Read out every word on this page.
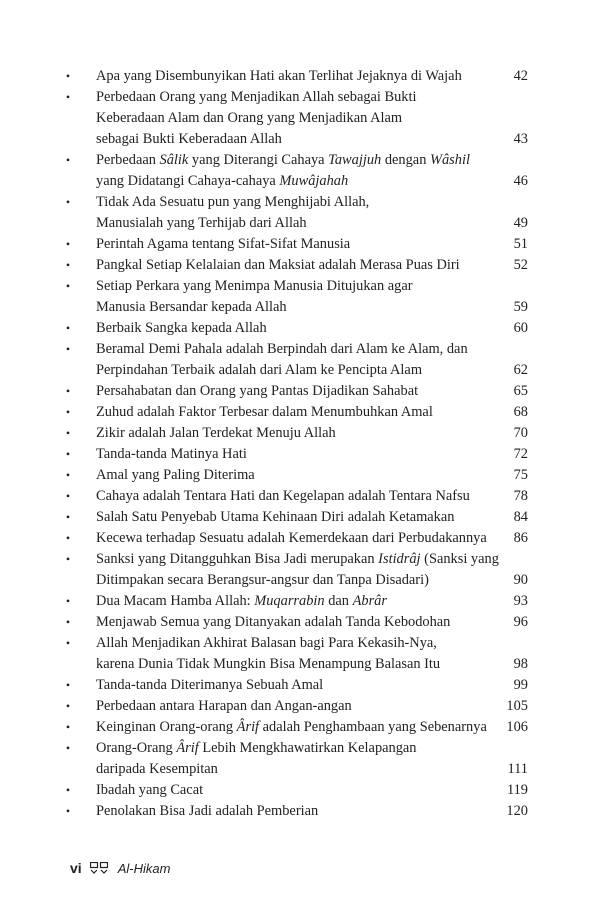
• Apa yang Disembunyikan Hati akan Terlihat Jejaknya di Wajah	42
• Perbedaan Orang yang Menjadikan Allah sebagai Bukti
Keberadaan Alam dan Orang yang Menjadikan Alam
sebagai Bukti Keberadaan Allah	43
• Perbedaan Sâlik yang Diterangi Cahaya Tawajjuh dengan Wâshil
yang Didatangi Cahaya-cahaya Muwâjahah	46
• Tidak Ada Sesuatu pun yang Menghijabi Allah,
Manusialah yang Terhijab dari Allah	49
• Perintah Agama tentang Sifat-Sifat Manusia	51
• Pangkal Setiap Kelalaian dan Maksiat adalah Merasa Puas Diri	52
• Setiap Perkara yang Menimpa Manusia Ditujukan agar
Manusia Bersandar kepada Allah	59
• Berbaik Sangka kepada Allah	60
• Beramal Demi Pahala adalah Berpindah dari Alam ke Alam, dan
Perpindahan Terbaik adalah dari Alam ke Pencipta Alam	62
• Persahabatan dan Orang yang Pantas Dijadikan Sahabat	65
• Zuhud adalah Faktor Terbesar dalam Menumbuhkan Amal	68
• Zikir adalah Jalan Terdekat Menuju Allah	70
• Tanda-tanda Matinya Hati	72
• Amal yang Paling Diterima	75
• Cahaya adalah Tentara Hati dan Kegelapan adalah Tentara Nafsu	78
• Salah Satu Penyebab Utama Kehinaan Diri adalah Ketamakan	84
• Kecewa terhadap Sesuatu adalah Kemerdekaan dari Perbudakannya 86
• Sanksi yang Ditangguhkan Bisa Jadi merupakan Istidrâj (Sanksi yang
Ditimpakan secara Berangsur-angsur dan Tanpa Disadari)	90
• Dua Macam Hamba Allah: Muqarrabin dan Abrâr	93
• Menjawab Semua yang Ditanyakan adalah Tanda Kebodohan	96
• Allah Menjadikan Akhirat Balasan bagi Para Kekasih-Nya,
karena Dunia Tidak Mungkin Bisa Menampung Balasan Itu	98
• Tanda-tanda Diterimanya Sebuah Amal	99
• Perbedaan antara Harapan dan Angan-angan	105
• Keinginan Orang-orang Ârif adalah Penghambaan yang Sebenarnya 106
• Orang-Orang Ârif Lebih Mengkhawatirkan Kelapangan
daripada Kesempitan	111
• Ibadah yang Cacat	119
• Penolakan Bisa Jadi adalah Pemberian	120
vi	Al-Hikam
